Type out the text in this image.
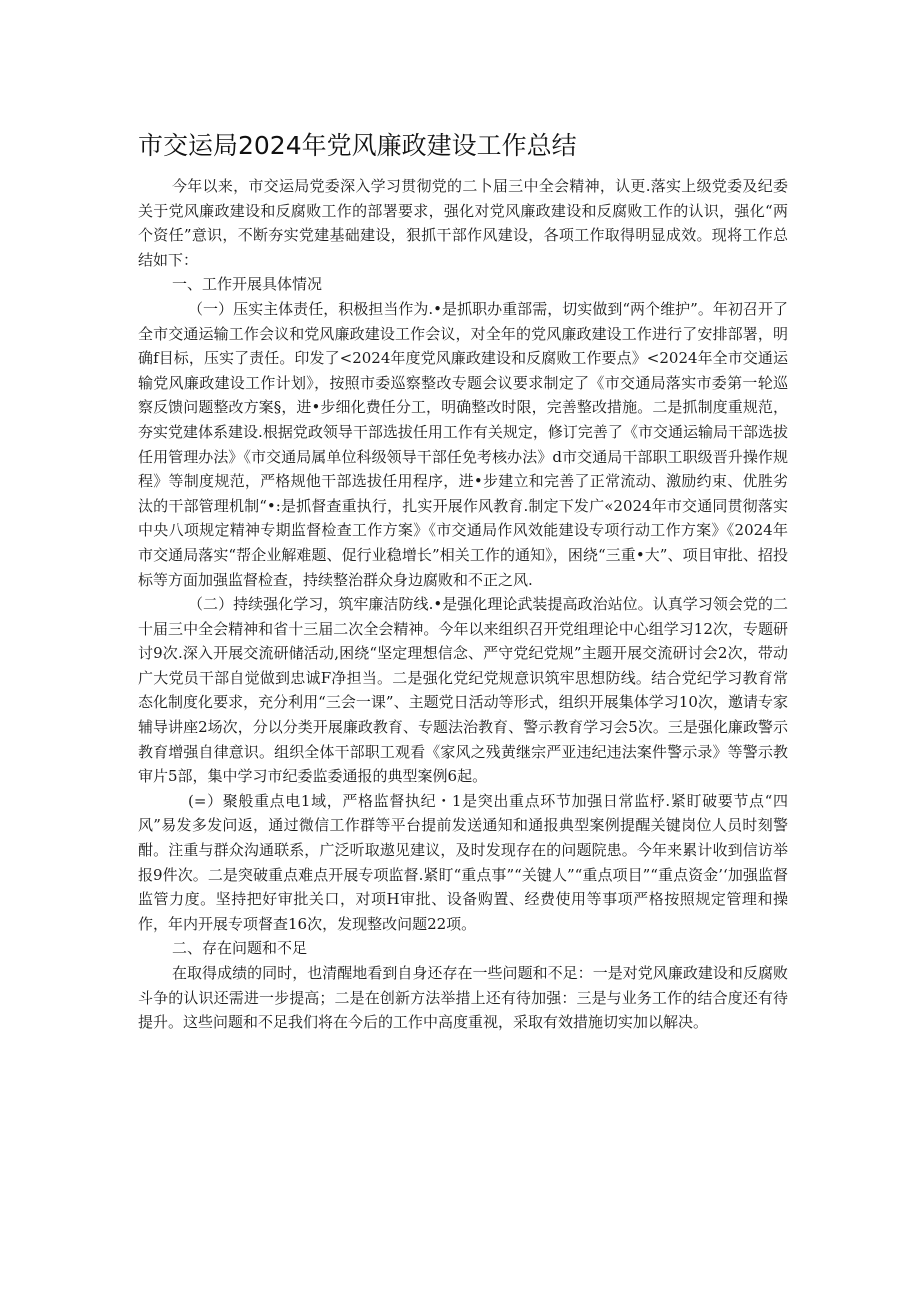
市交运局2024年党风廉政建设工作总结

今年以来，市交运局党委深入学习贯彻党的二卜届三中全会精神，认更.落实上级党委及纪委关于党风廉政建设和反腐败工作的部署要求，强化对党风廉政建设和反腐败工作的认识，强化“两个资任”意识，不断夯实党建基础建设，狠抓干部作风建设，各项工作取得明显成效。现将工作总结如下：

一、工作开展具体情况

（一）压实主体责任，积极担当作为.•是抓职办重部需，切实做到“两个维护”。年初召开了全市交通运输工作会议和党风廉政建设工作会议，对全年的党风廉政建设工作进行了安排部署，明确f目标，压实了责任。印发了<2024年度党风廉政建设和反腐败工作要点》<2024年全市交通运输党风廉政建设工作计划》，按照市委巡察整改专题会议要求制定了《市交通局落实市委第一轮巡察反馈问题整改方案§，进•步细化费任分工，明确整改时限，完善整改措施。二是抓制度重规范，夯实党建体系建设.根据党政领导干部选拔任用工作有关规定，修订完善了《市交通运输局干部选拔任用管理办法》《市交通局属单位科级领导干部任免考核办法》d市交通局干部职工职级晋升操作规程》等制度规范，严格规他干部选拔任用程序，进•步建立和完善了正常流动、激励约束、优胜劣汰的干部管理机制“•:是抓督查重执行，扎实开展作风教育.制定下发广«2024年市交通同贯彻落实中央八项规定精神专期监督检查工作方案》《市交通局作风效能建设专项行动工作方案》《2024年市交通局落实“帮企业解难题、促行业稳增长”相关工作的通知》，困绕“三重•大”、项目审批、招投标等方面加强监督检查，持续整治群众身边腐败和不正之风.

（二）持续强化学习，筑牢廉洁防线.•是强化理论武装提高政治站位。认真学习领会党的二十届三中全会精神和省十三届二次全会精神。今年以来组织召开党组理论中心组学习12次，专题研讨9次.深入开展交流研储活动,困绕“坚定理想信念、严守党纪党规”主题开展交流研讨会2次，带动广大党员干部自觉做到忠诚F净担当。二是强化党纪党规意识筑牢思想防线。结合党纪学习教育常态化制度化要求，充分利用“三会一课”、主题党日活动等形式，组织开展集体学习10次，邀请专家辅导讲座2场次，分以分类开展廉政教育、专题法治教育、警示教育学习会5次。三是强化廉政警示教育增强自律意识。组织全体干部职工观看《家风之残黄继宗严亚违纪违法案件警示录》等警示教审片5部，集中学习市纪委监委通报的典型案例6起。

(=）聚般重点电1域，严格监督执纪・1是突出重点环节加强日常监杼.紧盯破要节点“四风”易发多发问返，通过微信工作群等平台提前发送通知和通报典型案例提醒关键岗位人员时刻警酣。注重与群众沟通联系，广泛听取遨见建议，及时发现存在的问题院患。今年来累计收到信访举报9件次。二是突破重点难点开展专项监督.紧盯“重点事”“关键人”“重点项目”“重点资金’‘加强监督监管力度。坚持把好审批关口，对项H审批、设备购置、经费使用等事项严格按照规定管理和操作，年内开展专项督查16次，发现整改问题22项。

二、存在问题和不足

在取得成绩的同时，也清醒地看到自身还存在一些问题和不足：一是对党风廉政建设和反腐败斗争的认识还需进一步提高；二是在创新方法举措上还有待加强：三是与业务工作的结合度还有待提升。这些问题和不足我们将在今后的工作中高度重视，采取有效措施切实加以解决。
